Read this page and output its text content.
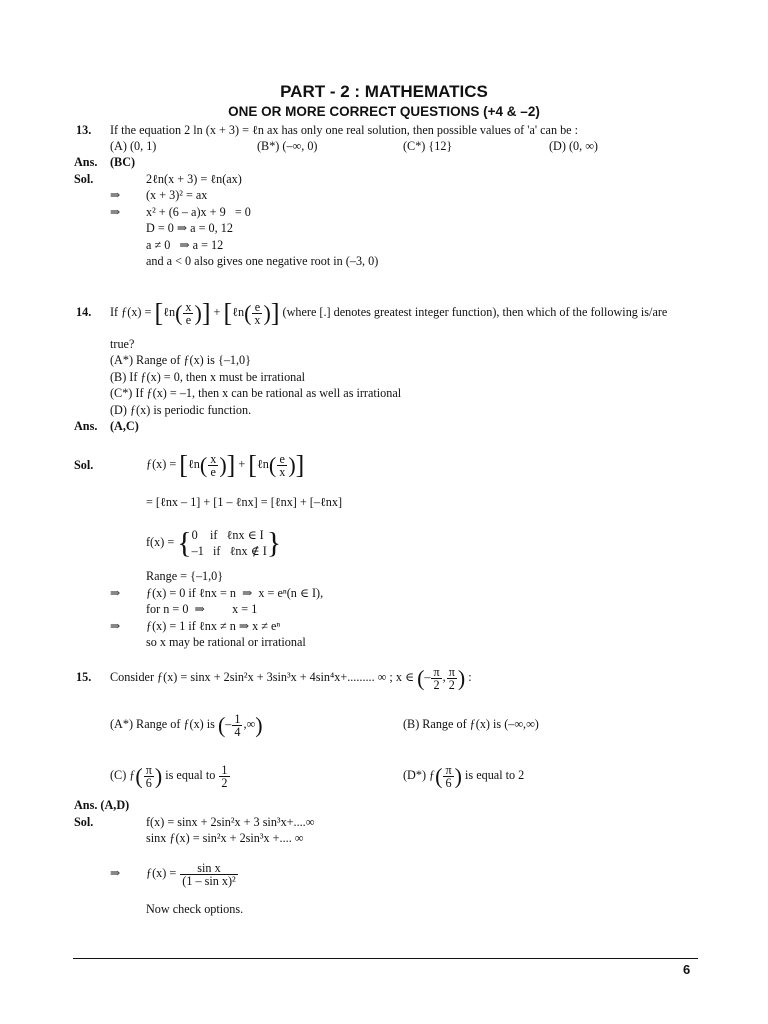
PART - 2 : MATHEMATICS
ONE OR MORE CORRECT QUESTIONS (+4 & –2)
13. If the equation 2 ln (x + 3) = ℓn ax has only one real solution, then possible values of 'a' can be :
(A) (0, 1)	(B*) (–∞, 0)	(C*) {12}	(D) (0, ∞)
Ans. (BC)
Sol.	2ℓn(x + 3) = ℓn(ax)
⇒ (x + 3)² = ax
⇒ x² + (6 – a)x + 9   = 0
D = 0 ⇒ a = 0, 12
a ≠ 0   ⇒ a = 12
and a < 0 also gives one negative root in (–3, 0)
14. If ƒ(x) = [ℓn( $\frac{x}{e}$ )] + [ℓn( $\frac{e}{x}$ )] (where [.] denotes greatest integer function), then which of the following is/are
true?
(A*) Range of ƒ(x) is {–1,0}
(B) If ƒ(x) = 0, then x must be irrational
(C*) If ƒ(x) = –1, then x can be rational as well as irrational
(D) ƒ(x) is periodic function.
Ans. (A,C)
Sol.	ƒ(x) = [ℓn( $\frac{x}{e}$ )] + [ℓn( $\frac{e}{x}$ )]
= [ℓnx – 1] + [1 – ℓnx] = [ℓnx] + [–ℓnx]
f(x) = { 0    if   ℓnx ∈ I
–1   if   ℓnx ∉ I }
Range = {–1,0}
⇒ ƒ(x) = 0 if ℓnx = n  ⇒  x = eⁿ(n ∈ I),
for n = 0  ⇒         x = 1
⇒ ƒ(x) = 1 if ℓnx ≠ n ⇒ x ≠ eⁿ
so x may be rational or irrational
15. Consider ƒ(x) = sinx + 2sin²x + 3sin³x + 4sin⁴x+......... ∞ ; x ∈ (– $\frac{\pi}{2}$ , $\frac{\pi}{2}$ ) :
(A*) Range of ƒ(x) is (– $\frac{1}{4}$ ,∞)	(B) Range of ƒ(x) is (–∞,∞)
(C) ƒ( $\frac{\pi}{6}$ ) is equal to $\frac{1}{2}$	(D*) ƒ( $\frac{\pi}{6}$ ) is equal to 2
Ans. (A,D)
Sol.	f(x) = sinx + 2sin²x + 3 sin³x+....∞
sinx ƒ(x) = sin²x + 2sin³x +.... ∞
⇒ ƒ(x) = $\frac{\text{sin x}}{\text{(1 – sin x)²}}$
Now check options.
6
